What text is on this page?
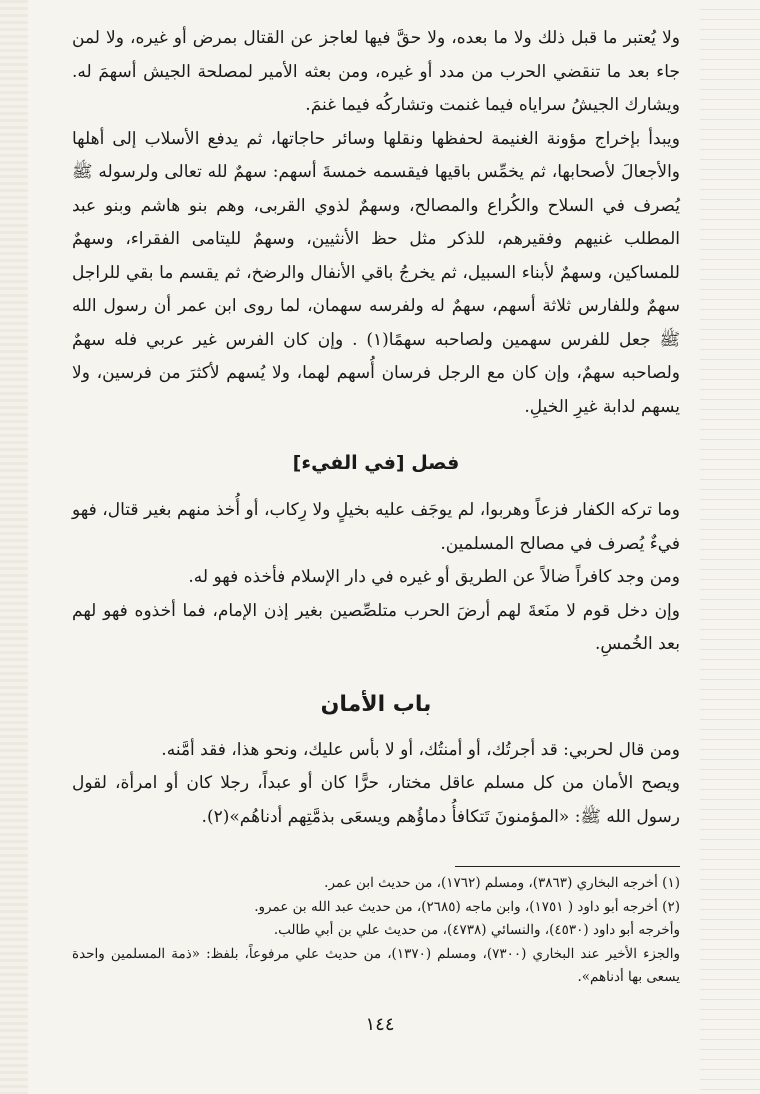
ولا يُعتبر ما قبل ذلك ولا ما بعده، ولا حقَّ فيها لعاجز عن القتال بمرض أو غيره، ولا لمن جاء بعد ما تنقضي الحرب من مدد أو غيره، ومن بعثه الأمير لمصلحة الجيش أسهمَ له. ويشارك الجيشُ سراياه فيما غنمت وتشاركُه فيما غنمَ.

ويبدأ بإخراج مؤونة الغنيمة لحفظها ونقلها وسائر حاجاتها، ثم يدفع الأسلاب إلى أهلها والأجعالَ لأصحابها، ثم يخمِّس باقيها فيقسمه خمسةَ أسهم: سهمٌ لله تعالى ولرسوله ﷺ يُصرف في السلاح والكُراع والمصالح، وسهمٌ لذوي القربى، وهم بنو هاشم وبنو عبد المطلب غنيهم وفقيرهم، للذكر مثل حظ الأنثيين، وسهمٌ لليتامى الفقراء، وسهمٌ للمساكين، وسهمٌ لأبناء السبيل، ثم يخرجُ باقي الأنفال والرضخ، ثم يقسم ما بقي للراجل سهمٌ وللفارس ثلاثة أسهم، سهمٌ له ولفرسه سهمان، لما روى ابن عمر أن رسول الله ﷺ جعل للفرس سهمين ولصاحبه سهمًا(١) . وإن كان الفرس غير عربي فله سهمٌ ولصاحبه سهمٌ، وإن كان مع الرجل فرسان أُسهم لهما، ولا يُسهم لأكثرَ من فرسين، ولا يسهم لدابة غيرِ الخيلِ.

فصل [في الفيء]

وما تركه الكفار فزعاً وهربوا، لم يوجَف عليه بخيلٍ ولا رِكاب، أو أُخذ منهم بغير قتال، فهو فيءٌ يُصرف في مصالح المسلمين.

ومن وجد كافراً ضالاً عن الطريق أو غيره في دار الإسلام فأخذه فهو له.

وإن دخل قوم لا منَعةَ لهم أرضَ الحرب متلصِّصين بغير إذن الإمام، فما أخذوه فهو لهم بعد الخُمسِ.

باب الأمان

ومن قال لحربي: قد أجرتُك، أو أمنتُك، أو لا بأس عليك، ونحو هذا، فقد أمَّنه.

ويصح الأمان من كل مسلم عاقل مختار، حرًّا كان أو عبداً، رجلا كان أو امرأة، لقول رسول الله ﷺ: «المؤمنونَ تَتكافأُ دماؤُهم ويسعَى بذمَّتِهم أدناهُم»(٢).

(١) أخرجه البخاري (٣٨٦٣)، ومسلم (١٧٦٢)، من حديث ابن عمر.

(٢) أخرجه أبو داود ( ١٧٥١)، وابن ماجه (٢٦٨٥)، من حديث عبد الله بن عمرو.

وأخرجه أبو داود (٤٥٣٠)، والنسائي (٤٧٣٨)، من حديث علي بن أبي طالب.

والجزء الأخير عند البخاري (٧٣٠٠)، ومسلم (١٣٧٠)، من حديث علي مرفوعاً، بلفظ: «ذمة المسلمين واحدة يسعى بها أدناهم».

١٤٤
